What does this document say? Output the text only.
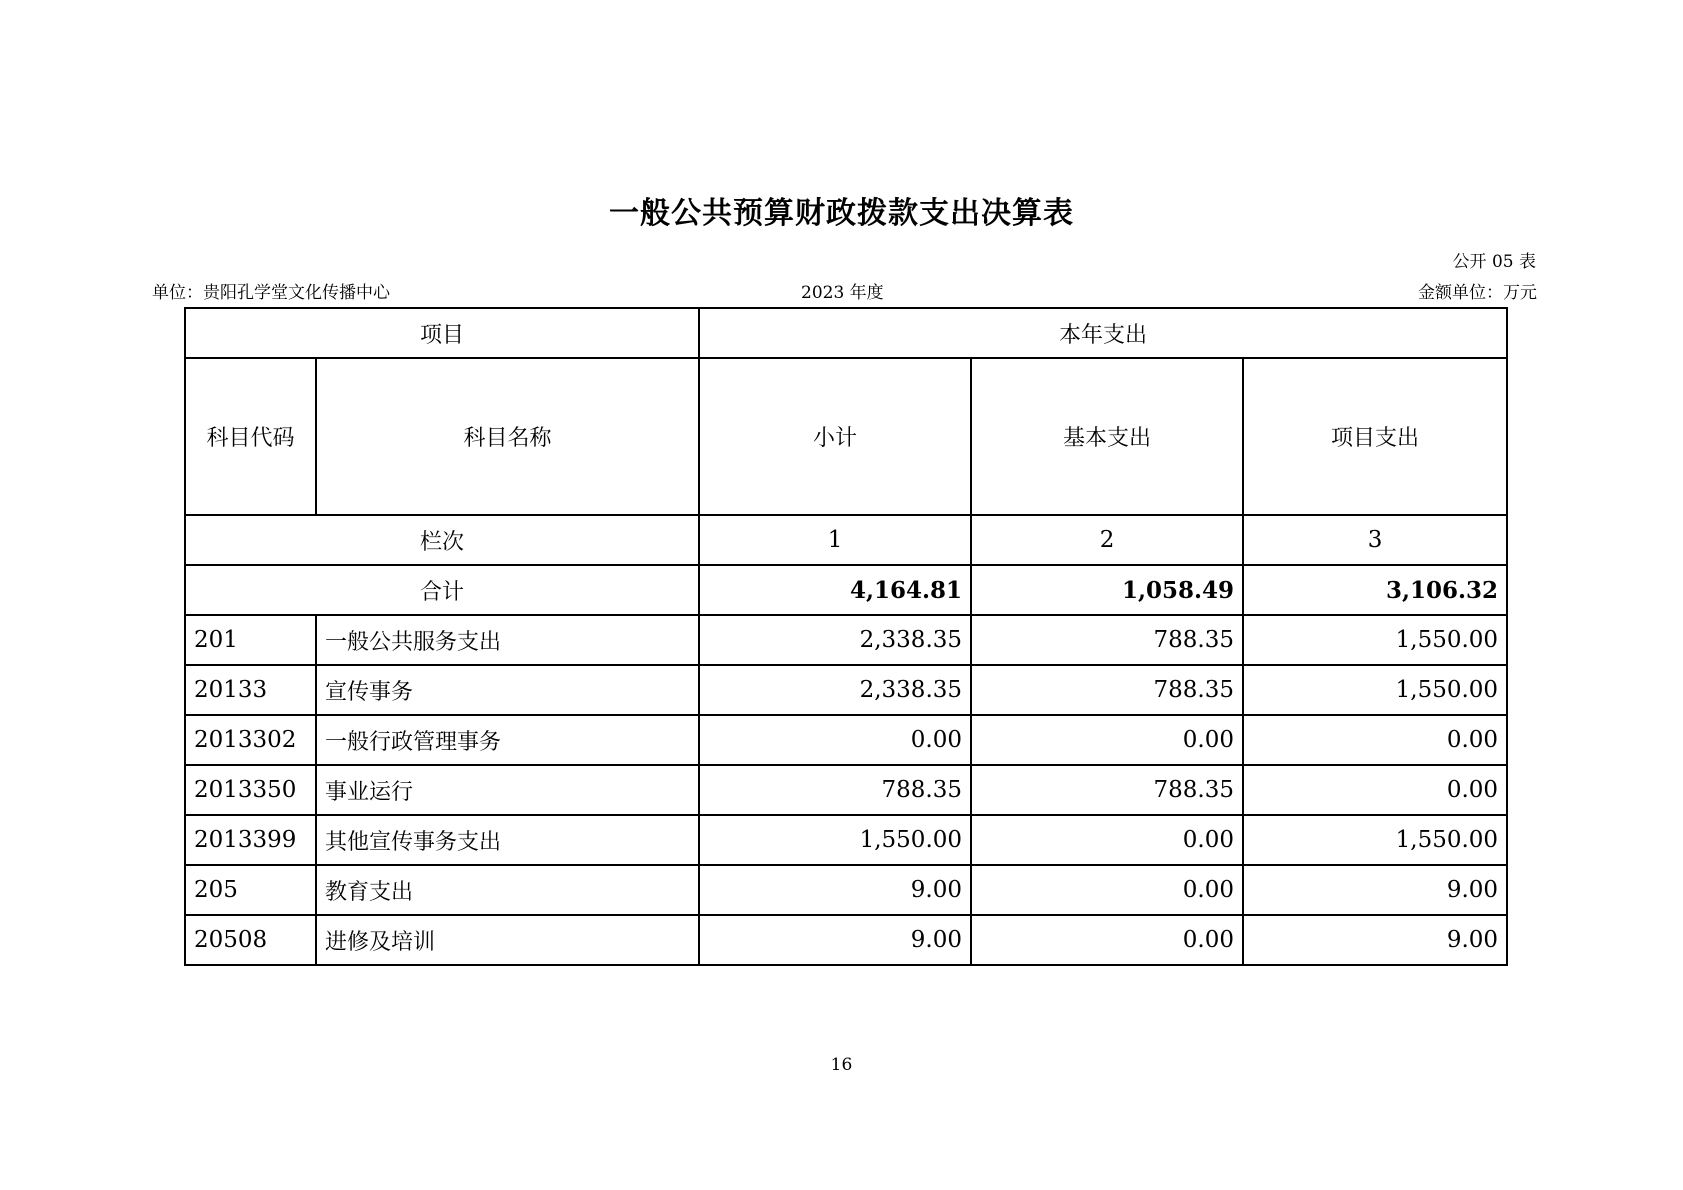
一般公共预算财政拨款支出决算表
公开 05 表
单位：贵阳孔学堂文化传播中心	2023 年度	金额单位：万元
项目		本年支出		
科目代码	科目名称	小计	基本支出	项目支出
栏次		1	2	3
合计		4,164.81	1,058.49	3,106.32
201	一般公共服务支出	2,338.35	788.35	1,550.00
20133	宣传事务	2,338.35	788.35	1,550.00
2013302	一般行政管理事务	0.00	0.00	0.00
2013350	事业运行	788.35	788.35	0.00
2013399	其他宣传事务支出	1,550.00	0.00	1,550.00
205	教育支出	9.00	0.00	9.00
20508	进修及培训	9.00	0.00	9.00
16
